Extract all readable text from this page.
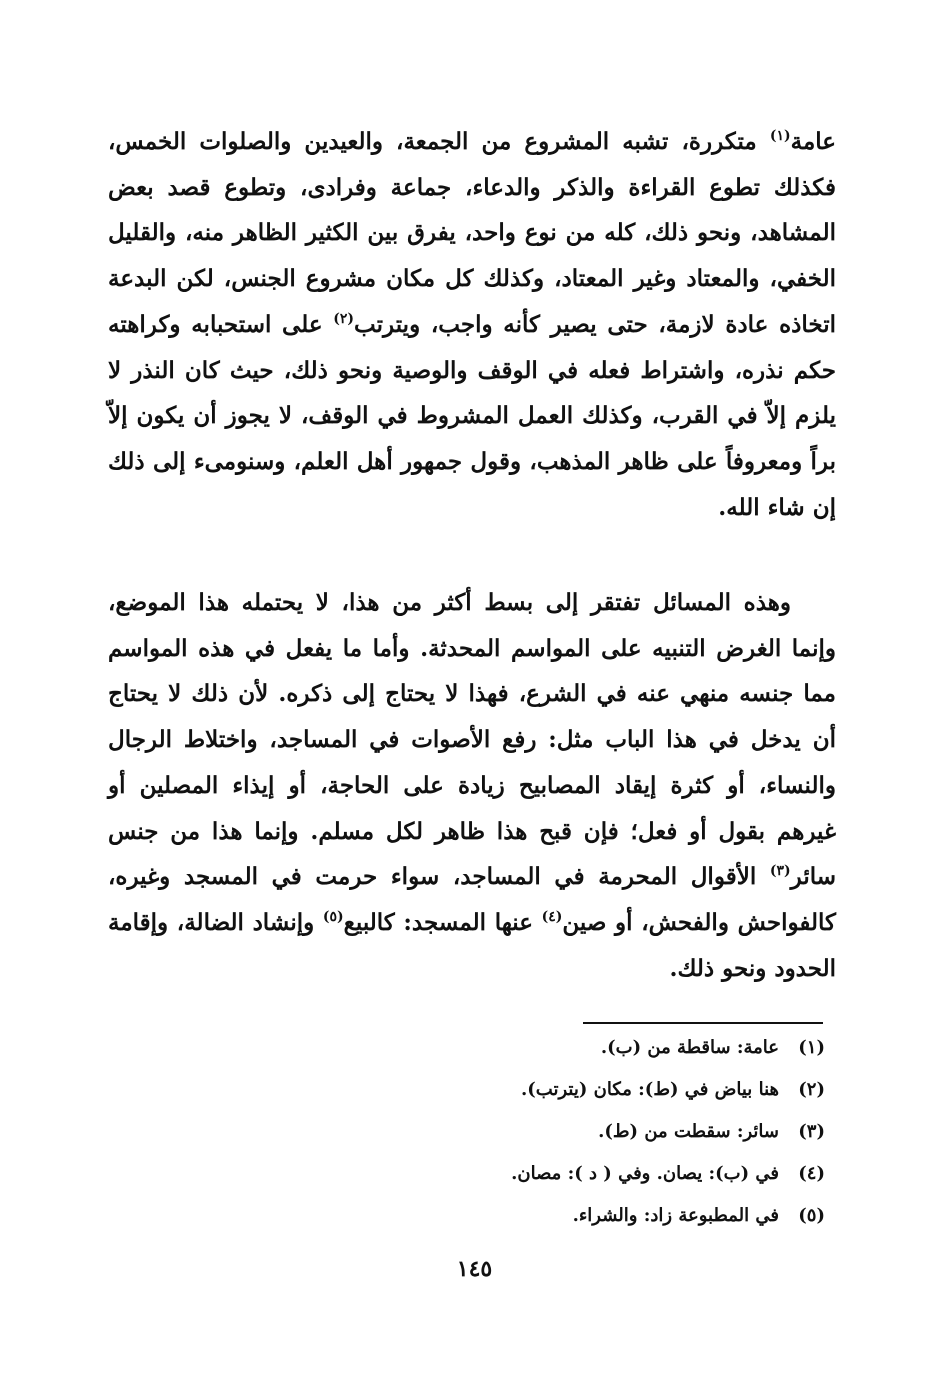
عامة$^{(١)}$ متكررة، تشبه المشروع من الجمعة، والعيدين والصلوات الخمس، فكذلك تطوع القراءة والذكر والدعاء، جماعة وفرادى، وتطوع قصد بعض المشاهد، ونحو ذلك، كله من نوع واحد، يفرق بين الكثير الظاهر منه، والقليل الخفي، والمعتاد وغير المعتاد، وكذلك كل مكان مشروع الجنس، لكن البدعة اتخاذه عادة لازمة، حتى يصير كأنه واجب، ويترتب$^{(٢)}$ على استحبابه وكراهته حكم نذره، واشتراط فعله في الوقف والوصية ونحو ذلك، حيث كان النذر لا يلزم إلاّ في القرب، وكذلك العمل المشروط في الوقف، لا يجوز أن يكون إلاّ براً ومعروفاً على ظاهر المذهب، وقول جمهور أهل العلم، وسنومىء إلى ذلك إن شاء الله.

وهذه المسائل تفتقر إلى بسط أكثر من هذا، لا يحتمله هذا الموضع، وإنما الغرض التنبيه على المواسم المحدثة. وأما ما يفعل في هذه المواسم مما جنسه منهي عنه في الشرع، فهذا لا يحتاج إلى ذكره. لأن ذلك لا يحتاج أن يدخل في هذا الباب مثل: رفع الأصوات في المساجد، واختلاط الرجال والنساء، أو كثرة إيقاد المصابيح زيادة على الحاجة، أو إيذاء المصلين أو غيرهم بقول أو فعل؛ فإن قبح هذا ظاهر لكل مسلم. وإنما هذا من جنس سائر$^{(٣)}$ الأقوال المحرمة في المساجد، سواء حرمت في المسجد وغيره، كالفواحش والفحش، أو صين$^{(٤)}$ عنها المسجد: كالبيع$^{(٥)}$ وإنشاد الضالة، وإقامة الحدود ونحو ذلك.

(١)
عامة: ساقطة من (ب).
(٢)
هنا بياض في (ط): مكان (يترتب).
(٣)
سائر: سقطت من (ط).
(٤)
في (ب): يصان. وفي ( د ): مصان.
(٥)
في المطبوعة زاد: والشراء.
١٤٥
